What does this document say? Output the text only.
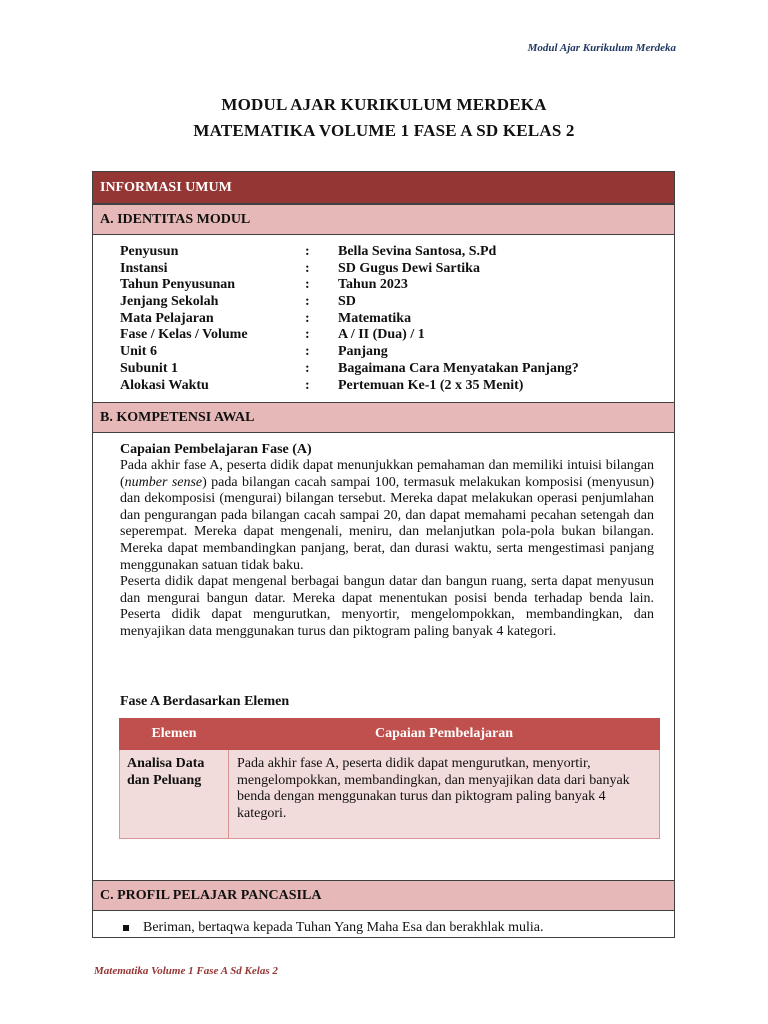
Modul Ajar Kurikulum Merdeka
MODUL AJAR KURIKULUM MERDEKA
MATEMATIKA VOLUME 1 FASE A SD KELAS 2
INFORMASI UMUM
A. IDENTITAS MODUL
Penyusun	:	Bella Sevina Santosa, S.Pd
Instansi	:	SD Gugus Dewi Sartika
Tahun Penyusunan	:	Tahun 2023
Jenjang Sekolah	:	SD
Mata Pelajaran	:	Matematika
Fase / Kelas / Volume	:	A / II (Dua) / 1
Unit 6	:	Panjang
Subunit 1	:	Bagaimana Cara Menyatakan Panjang?
Alokasi Waktu	:	Pertemuan Ke-1 (2 x 35 Menit)
B. KOMPETENSI AWAL
Capaian Pembelajaran Fase (A)

Pada akhir fase A, peserta didik dapat menunjukkan pemahaman dan memiliki intuisi bilangan (number sense) pada bilangan cacah sampai 100, termasuk melakukan komposisi (menyusun) dan dekomposisi (mengurai) bilangan tersebut. Mereka dapat melakukan operasi penjumlahan dan pengurangan pada bilangan cacah sampai 20, dan dapat memahami pecahan setengah dan seperempat. Mereka dapat mengenali, meniru, dan melanjutkan pola-pola bukan bilangan. Mereka dapat membandingkan panjang, berat, dan durasi waktu, serta mengestimasi panjang menggunakan satuan tidak baku.

Peserta didik dapat mengenal berbagai bangun datar dan bangun ruang, serta dapat menyusun dan mengurai bangun datar. Mereka dapat menentukan posisi benda terhadap benda lain. Peserta didik dapat mengurutkan, menyortir, mengelompokkan, membandingkan, dan menyajikan data menggunakan turus dan piktogram paling banyak 4 kategori.

Fase A Berdasarkan Elemen
Elemen	Capaian Pembelajaran
Analisa Data dan Peluang	Pada akhir fase A, peserta didik dapat mengurutkan, menyortir, mengelompokkan, membandingkan, dan menyajikan data dari banyak benda dengan menggunakan turus dan piktogram paling banyak 4 kategori.
C. PROFIL PELAJAR PANCASILA
Beriman, bertaqwa kepada Tuhan Yang Maha Esa dan berakhlak mulia.
Matematika Volume 1 Fase A Sd Kelas 2
